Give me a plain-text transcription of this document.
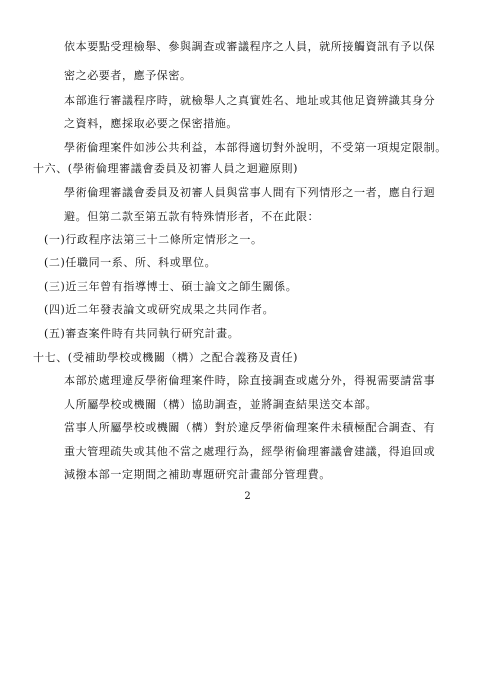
依本要點受理檢舉、參與調查或審議程序之人員，就所接觸資訊有予以保
密之必要者，應予保密。
本部進行審議程序時，就檢舉人之真實姓名、地址或其他足資辨識其身分
之資料，應採取必要之保密措施。
學術倫理案件如涉公共利益，本部得適切對外說明，不受第一項規定限制。
十六、(學術倫理審議會委員及初審人員之迴避原則)
學術倫理審議會委員及初審人員與當事人間有下列情形之一者，應自行迴
避。但第二款至第五款有特殊情形者，不在此限：
(一)行政程序法第三十二條所定情形之一。
(二)任職同一系、所、科或單位。
(三)近三年曾有指導博士、碩士論文之師生關係。
(四)近二年發表論文或研究成果之共同作者。
(五)審查案件時有共同執行研究計畫。
十七、(受補助學校或機關（構）之配合義務及責任)
本部於處理違反學術倫理案件時，除直接調查或處分外，得視需要請當事
人所屬學校或機關（構）協助調查，並將調查結果送交本部。
當事人所屬學校或機關（構）對於違反學術倫理案件未積極配合調查、有
重大管理疏失或其他不當之處理行為，經學術倫理審議會建議，得追回或
減撥本部一定期間之補助專題研究計畫部分管理費。
2
